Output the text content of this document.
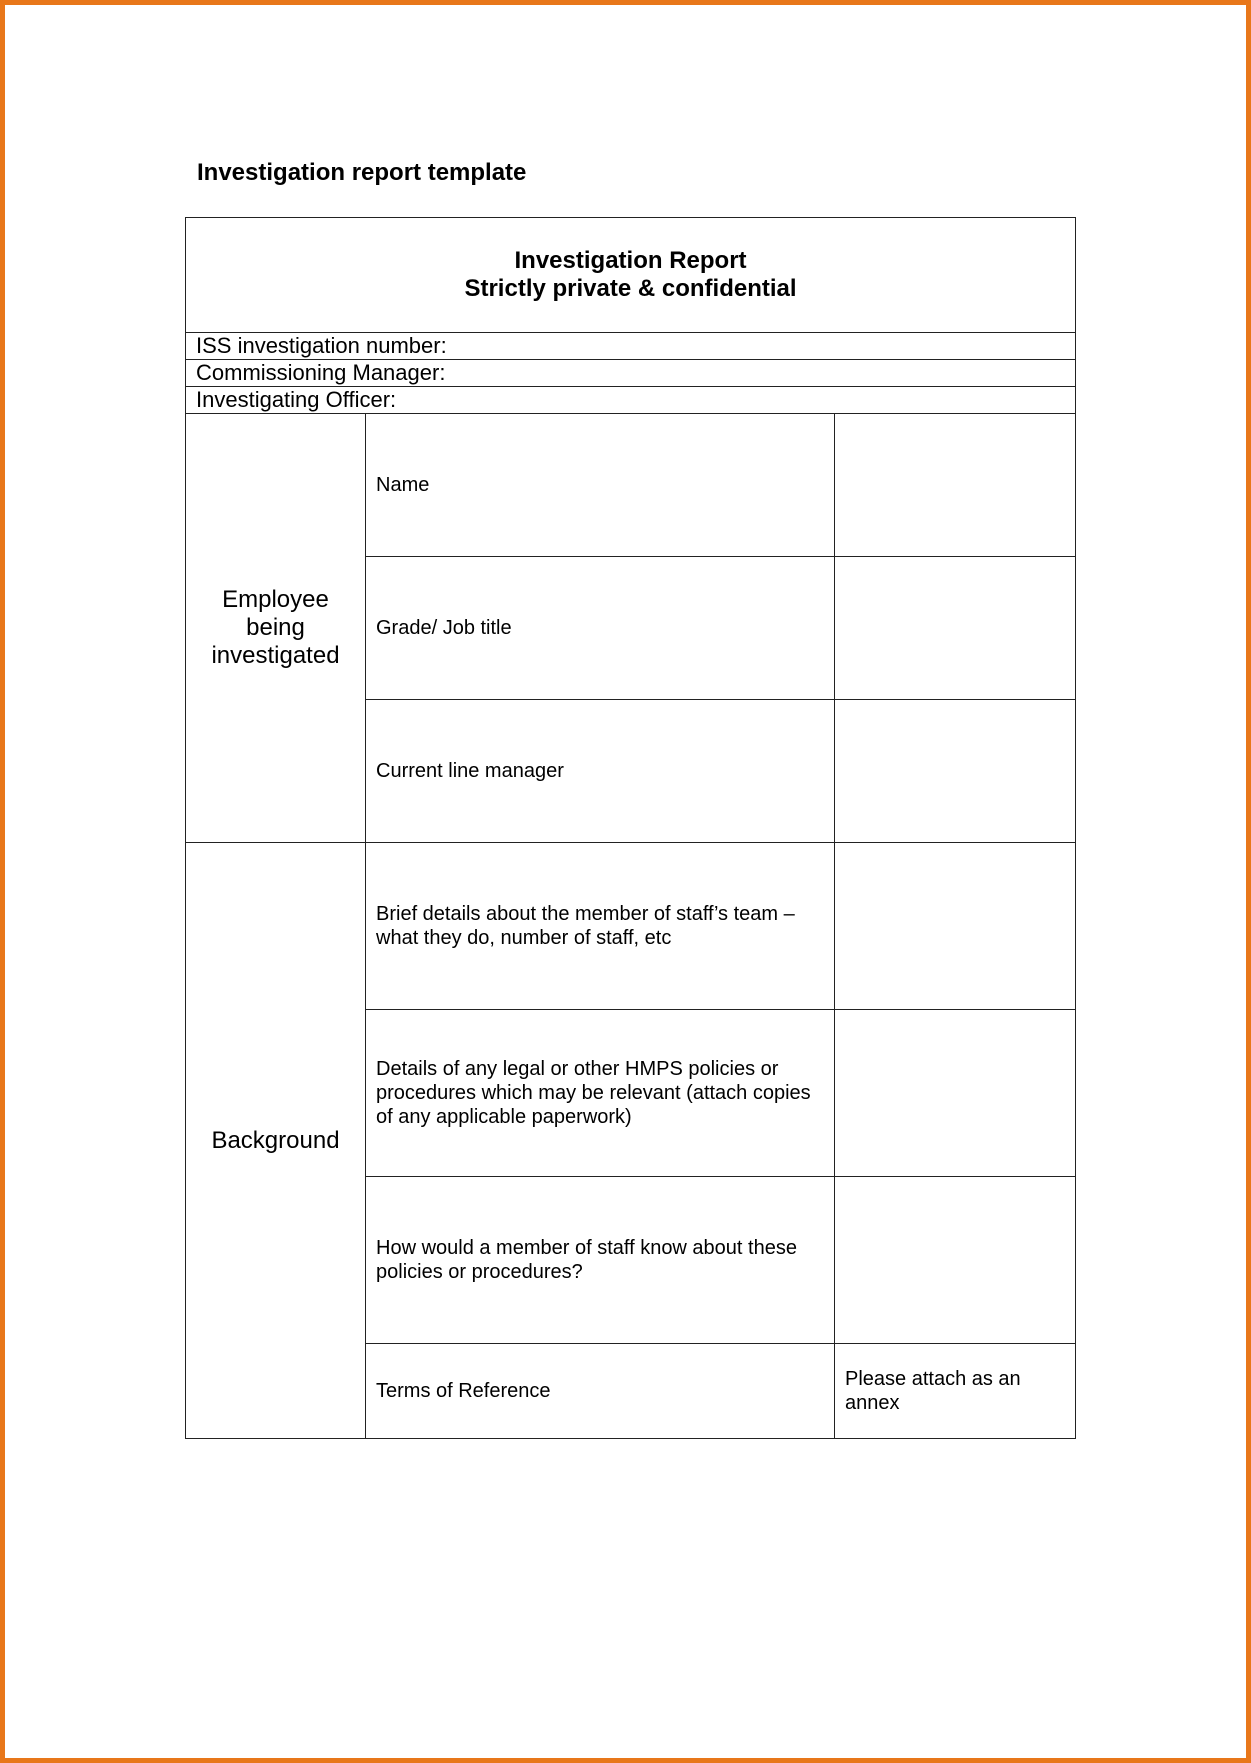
Investigation report template
Investigation Report
Strictly private & confidential		

ISS investigation number:		
Commissioning Manager:		
Investigating Officer:		
Employee being investigated	Name	
	Grade/ Job title	
	Current line manager	
Background	Brief details about the member of staff’s team – what they do, number of staff, etc	
	Details of any legal or other HMPS policies or procedures which may be relevant (attach copies of any applicable paperwork)	
	How would a member of staff know about these policies or procedures?	
	Terms of Reference	Please attach as an annex
